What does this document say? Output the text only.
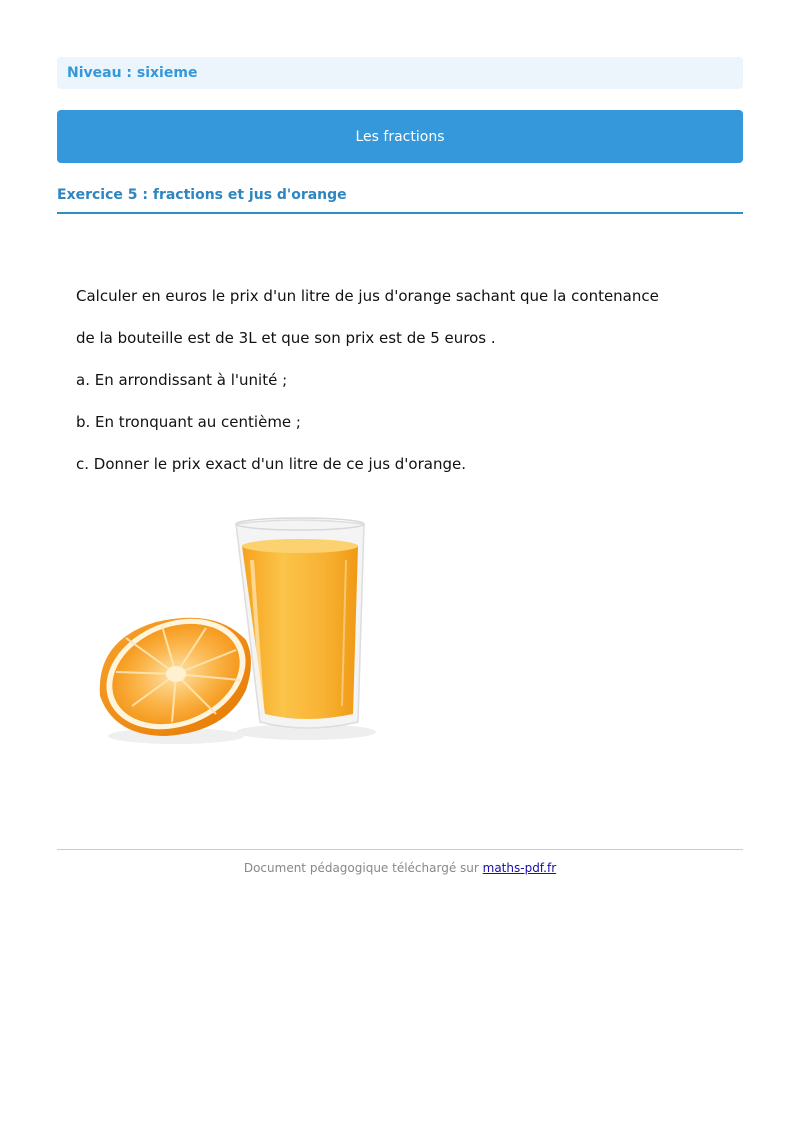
Niveau : sixieme
Les fractions
Exercice 5 : fractions et jus d'orange
Calculer en euros le prix d'un litre de jus d'orange sachant que la contenance
de la bouteille est de 3L et que son prix est de 5 euros .
a. En arrondissant à l'unité ;
b. En tronquant au centième ;
c. Donner le prix exact d'un litre de ce jus d'orange.
Document pédagogique téléchargé sur maths-pdf.fr
